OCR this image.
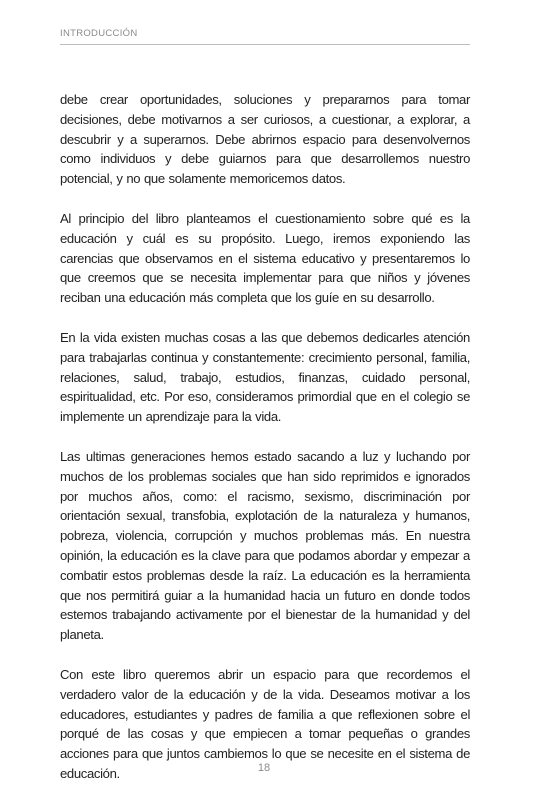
INTRODUCCIÓN

debe crear oportunidades, soluciones y prepararnos para tomar decisiones, debe motivarnos a ser curiosos, a cuestionar, a explorar, a descubrir y a superarnos. Debe abrirnos espacio para desenvolvernos como individuos y debe guiarnos para que desarrollemos nuestro potencial, y no que solamente memoricemos datos.

Al principio del libro planteamos el cuestionamiento sobre qué es la educación y cuál es su propósito. Luego, iremos exponiendo las carencias que observamos en el sistema educativo y presentaremos lo que creemos que se necesita implementar para que niños y jóvenes reciban una educación más completa que los guíe en su desarrollo.

En la vida existen muchas cosas a las que debemos dedicarles atención para trabajarlas continua y constantemente: crecimiento personal, familia, relaciones, salud, trabajo, estudios, finanzas, cuidado personal, espiritualidad, etc. Por eso, consideramos primordial que en el colegio se implemente un aprendizaje para la vida.

Las ultimas generaciones hemos estado sacando a luz y luchando por muchos de los problemas sociales que han sido reprimidos e ignorados por muchos años, como: el racismo, sexismo, discriminación por orientación sexual, transfobia, explotación de la naturaleza y humanos, pobreza, violencia, corrupción y muchos problemas más. En nuestra opinión, la educación es la clave para que podamos abordar y empezar a combatir estos problemas desde la raíz. La educación es la herramienta que nos permitirá guiar a la humanidad hacia un futuro en donde todos estemos trabajando activamente por el bienestar de la humanidad y del planeta.

Con este libro queremos abrir un espacio para que recordemos el verdadero valor de la educación y de la vida. Deseamos motivar a los educadores, estudiantes y padres de familia a que reflexionen sobre el porqué de las cosas y que empiecen a tomar pequeñas o grandes acciones para que juntos cambiemos lo que se necesite en el sistema de educación.	18
